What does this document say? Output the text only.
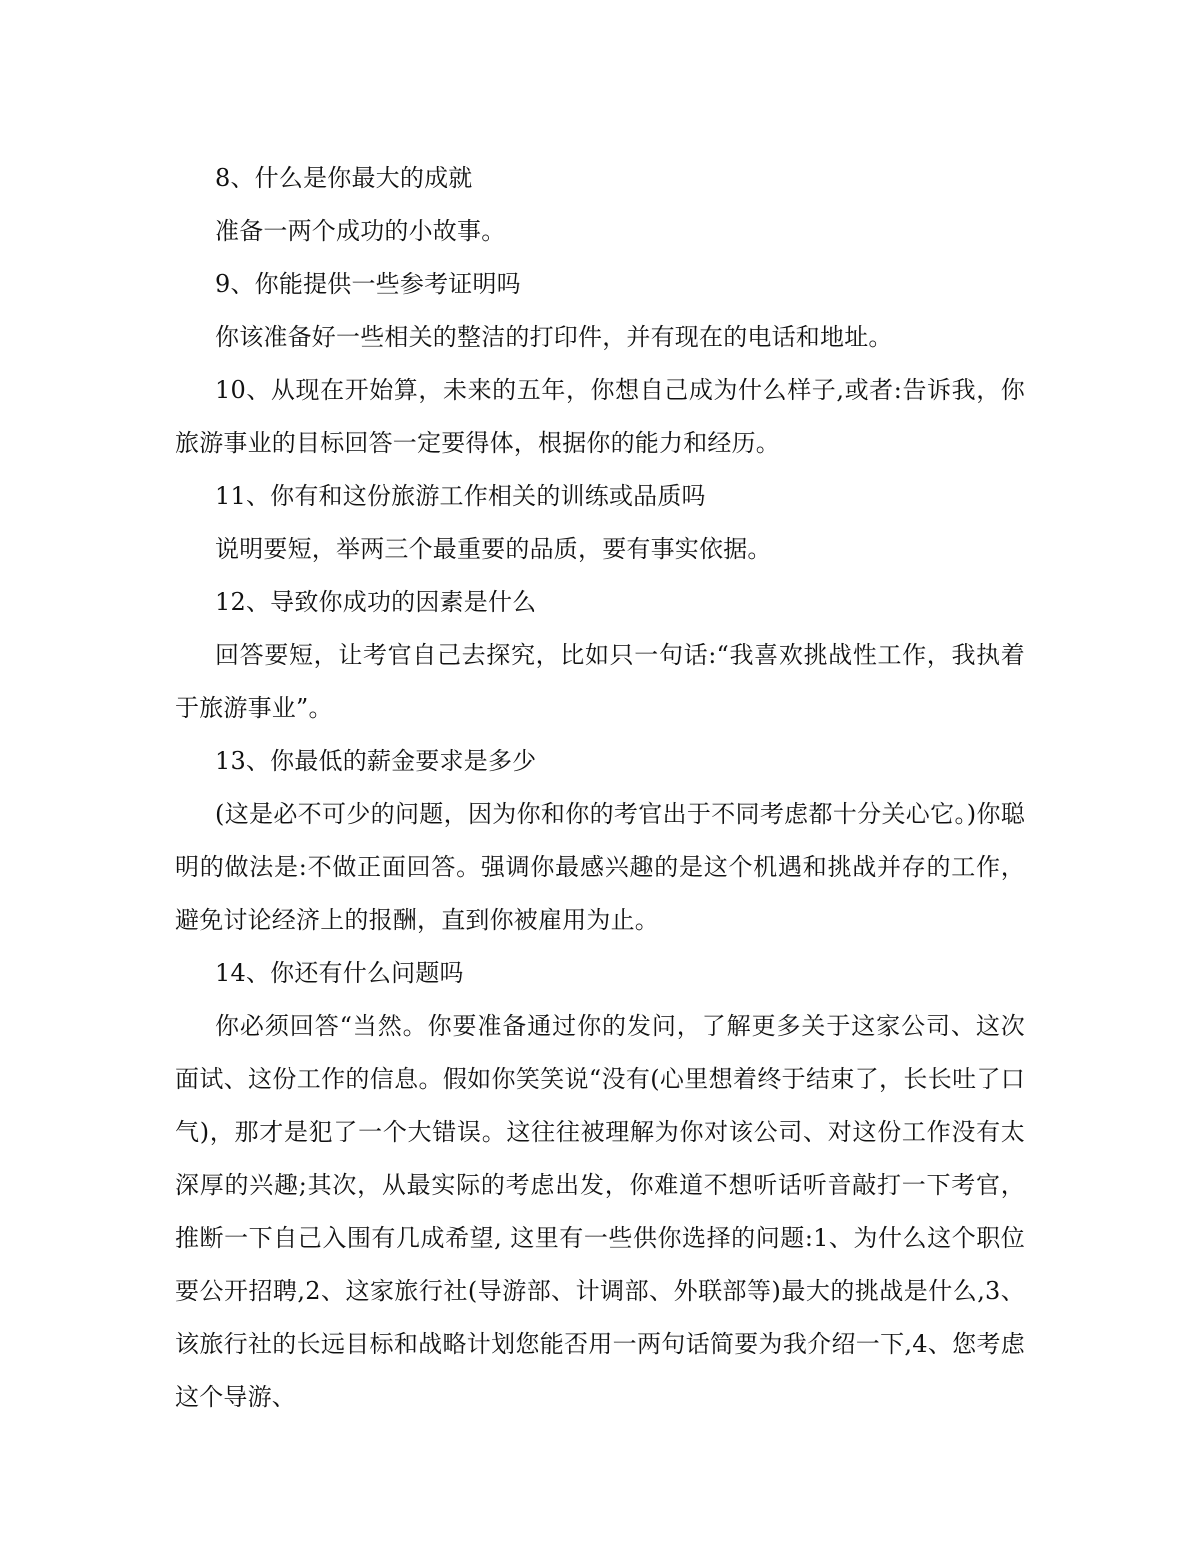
8、什么是你最大的成就

准备一两个成功的小故事。

9、你能提供一些参考证明吗

你该准备好一些相关的整洁的打印件，并有现在的电话和地址。

10、从现在开始算，未来的五年，你想自己成为什么样子,或者:告诉我，你旅游事业的目标回答一定要得体，根据你的能力和经历。

11、你有和这份旅游工作相关的训练或品质吗

说明要短，举两三个最重要的品质，要有事实依据。

12、导致你成功的因素是什么

回答要短，让考官自己去探究，比如只一句话:“我喜欢挑战性工作，我执着于旅游事业”。

13、你最低的薪金要求是多少

(这是必不可少的问题，因为你和你的考官出于不同考虑都十分关心它。)你聪明的做法是:不做正面回答。强调你最感兴趣的是这个机遇和挑战并存的工作，避免讨论经济上的报酬，直到你被雇用为止。

14、你还有什么问题吗

你必须回答“当然。你要准备通过你的发问，了解更多关于这家公司、这次面试、这份工作的信息。假如你笑笑说“没有(心里想着终于结束了，长长吐了口气)，那才是犯了一个大错误。这往往被理解为你对该公司、对这份工作没有太深厚的兴趣;其次，从最实际的考虑出发，你难道不想听话听音敲打一下考官，推断一下自己入围有几成希望, 这里有一些供你选择的问题:1、为什么这个职位要公开招聘,2、这家旅行社(导游部、计调部、外联部等)最大的挑战是什么,3、该旅行社的长远目标和战略计划您能否用一两句话简要为我介绍一下,4、您考虑这个导游、
